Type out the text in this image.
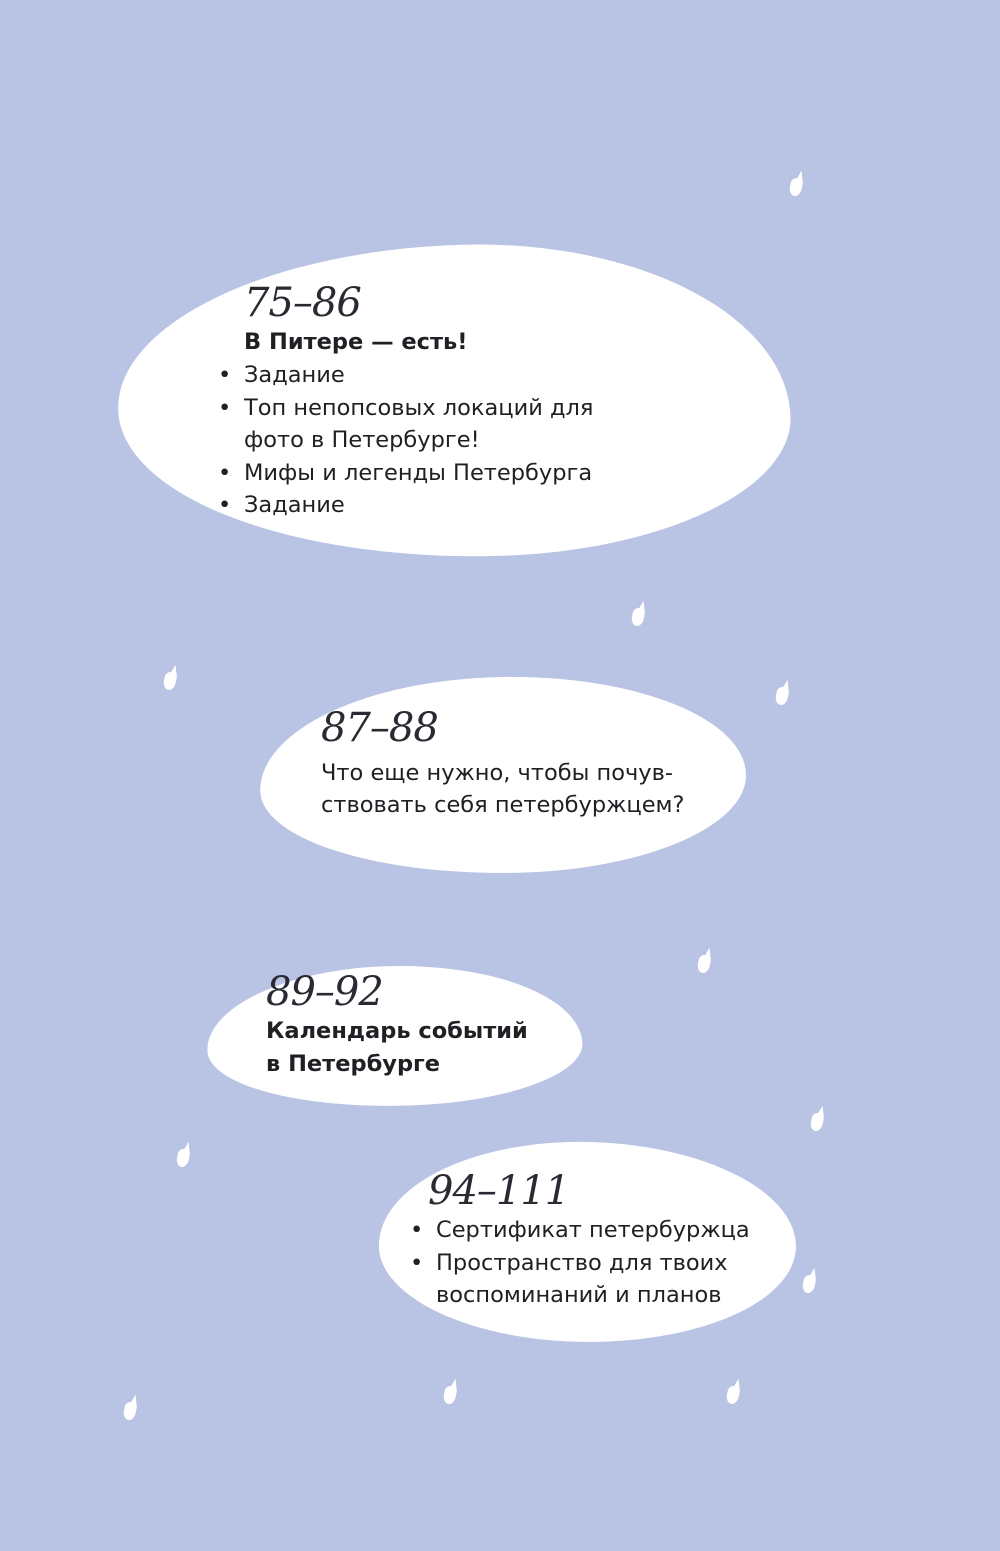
75–86
В Питере — есть!
• Задание
• Топ непопсовых локаций для
фото в Петербурге!
• Мифы и легенды Петербурга
• Задание
87–88
Что еще нужно, чтобы почув-
ствовать себя петербуржцем?
89–92
Календарь событий
в Петербурге
94–111
• Сертификат петербуржца
• Пространство для твоих
воспоминаний и планов
